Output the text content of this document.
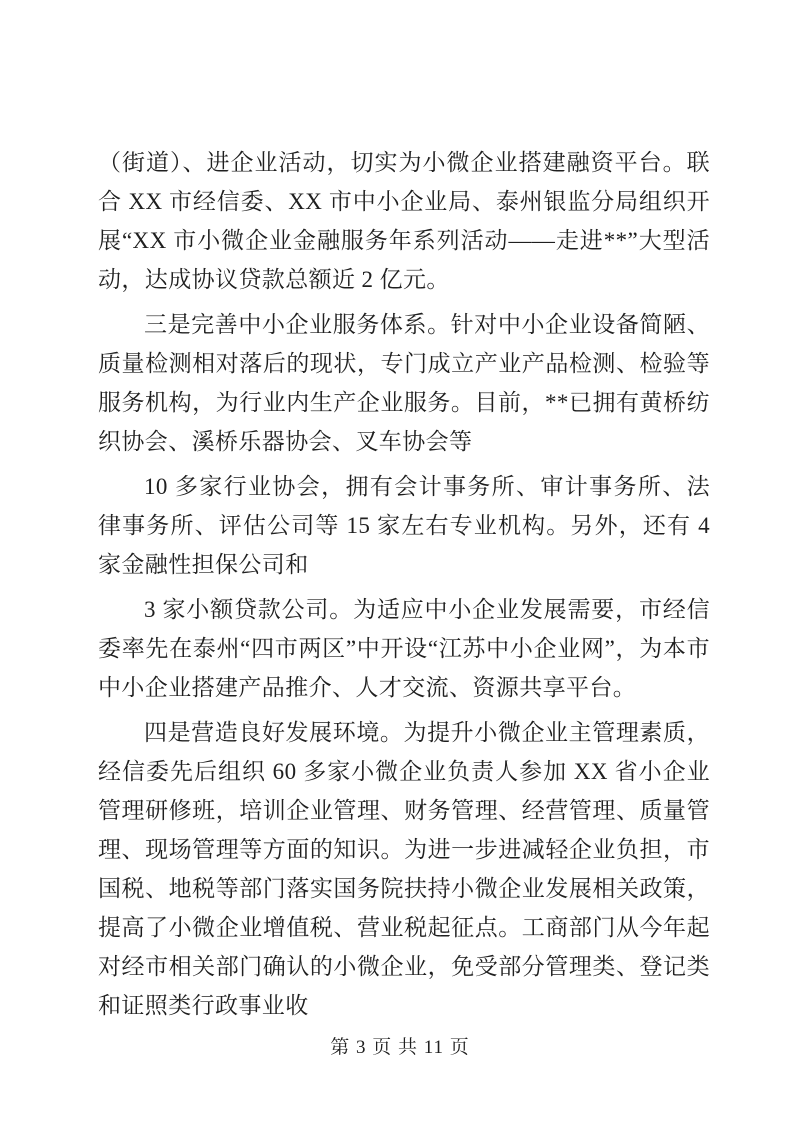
（街道）、进企业活动，切实为小微企业搭建融资平台。联合 XX 市经信委、XX 市中小企业局、泰州银监分局组织开展“XX 市小微企业金融服务年系列活动——走进**”大型活动，达成协议贷款总额近 2 亿元。

三是完善中小企业服务体系。针对中小企业设备简陋、质量检测相对落后的现状，专门成立产业产品检测、检验等服务机构，为行业内生产企业服务。目前，**已拥有黄桥纺织协会、溪桥乐器协会、叉车协会等

10 多家行业协会，拥有会计事务所、审计事务所、法律事务所、评估公司等 15 家左右专业机构。另外，还有 4 家金融性担保公司和

3 家小额贷款公司。为适应中小企业发展需要，市经信委率先在泰州“四市两区”中开设“江苏中小企业网”，为本市中小企业搭建产品推介、人才交流、资源共享平台。

四是营造良好发展环境。为提升小微企业主管理素质，经信委先后组织 60 多家小微企业负责人参加 XX 省小企业管理研修班，培训企业管理、财务管理、经营管理、质量管理、现场管理等方面的知识。为进一步进减轻企业负担，市国税、地税等部门落实国务院扶持小微企业发展相关政策，提高了小微企业增值税、营业税起征点。工商部门从今年起对经市相关部门确认的小微企业，免受部分管理类、登记类和证照类行政事业收

第 3 页 共 11 页
